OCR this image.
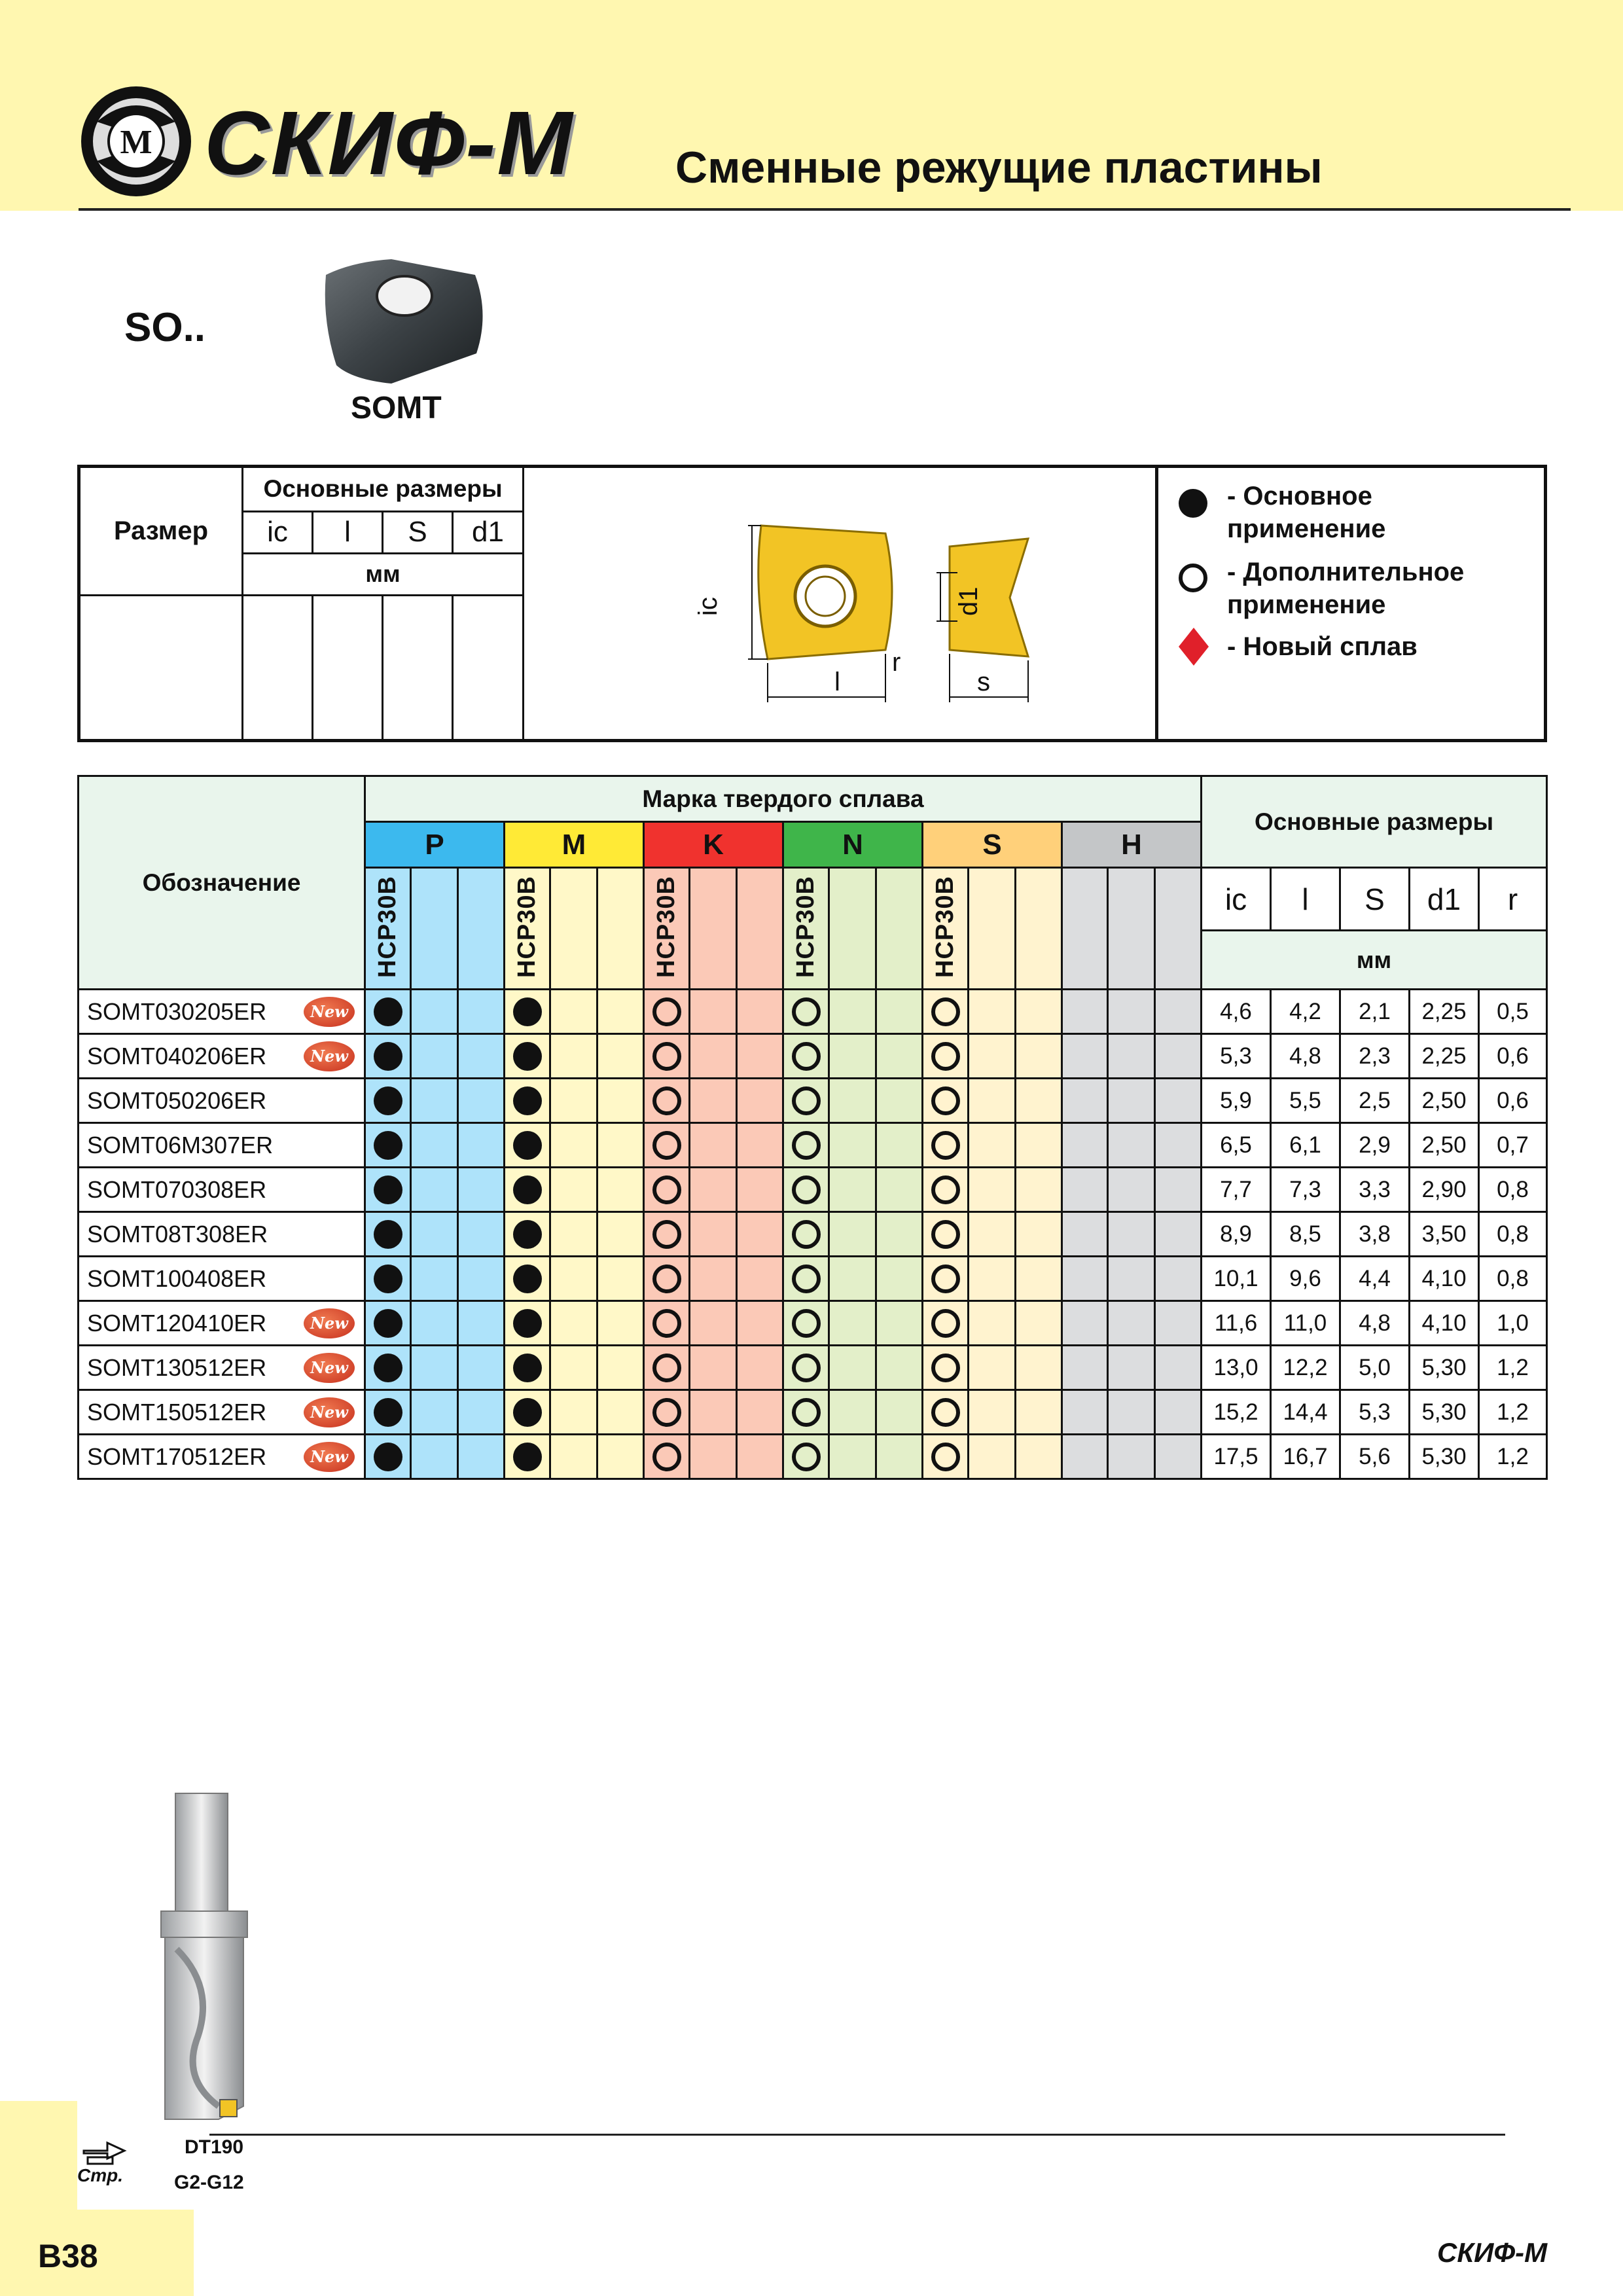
M СКИФ-М Сменные режущие пластины
SO..
SOMT
Размер	Основные размеры			
	ic	l	S	d1
	мм			

l
r
ic	d1
s
- Основное применение
- Дополнительное применение
- Новый сплав
Обозначение	Марка твердого сплава																		Основные размеры				
	P			M			K			N			S			H							
	HCP30B			HCP30B			HCP30B			HCP30B			HCP30B						ic	l	S	d1	r
																			мм				
SOMT030205ER New																			4,6	4,2	2,1	2,25	0,5
SOMT040206ER New																			5,3	4,8	2,3	2,25	0,6
SOMT050206ER																			5,9	5,5	2,5	2,50	0,6
SOMT06M307ER																			6,5	6,1	2,9	2,50	0,7
SOMT070308ER																			7,7	7,3	3,3	2,90	0,8
SOMT08T308ER																			8,9	8,5	3,8	3,50	0,8
SOMT100408ER																			10,1	9,6	4,4	4,10	0,8
SOMT120410ER New																			11,6	11,0	4,8	4,10	1,0
SOMT130512ER New																			13,0	12,2	5,0	5,30	1,2
SOMT150512ER New																			15,2	14,4	5,3	5,30	1,2
SOMT170512ER New																			17,5	16,7	5,6	5,30	1,2
Стр.
DT190
G2-G12
B38	СКИФ-М
